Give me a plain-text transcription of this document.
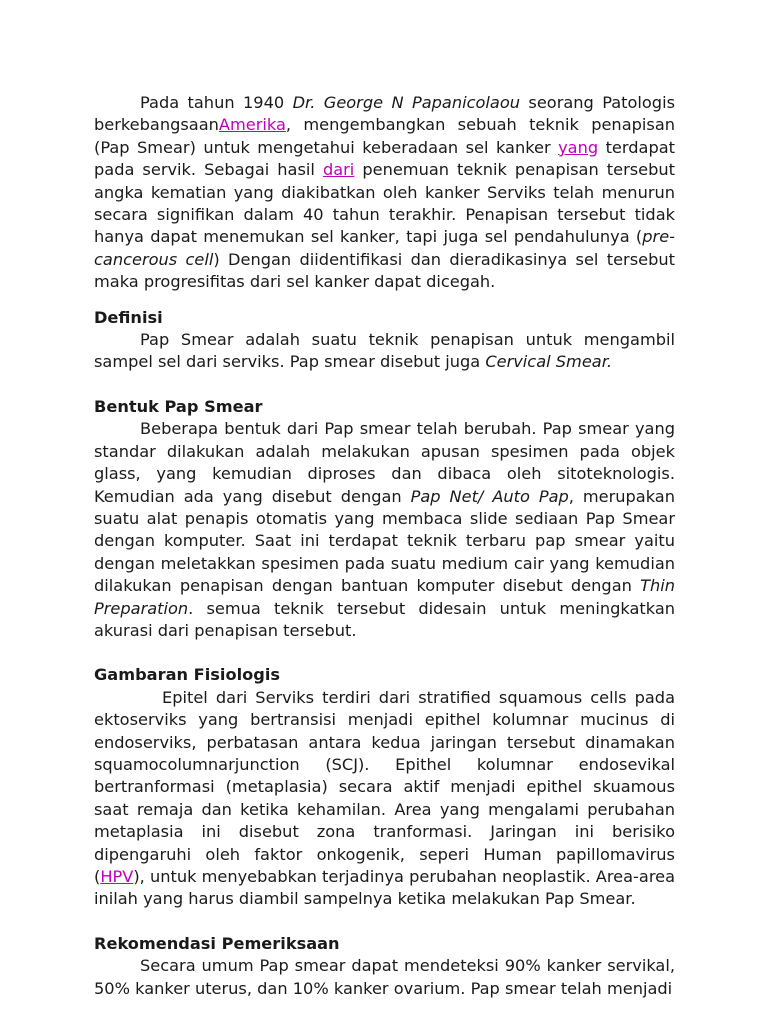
Pada tahun 1940 Dr. George N Papanicolaou seorang Patologis berkebangsaanAmerika, mengembangkan sebuah teknik penapisan (Pap Smear) untuk mengetahui keberadaan sel kanker yang terdapat pada servik. Sebagai hasil dari penemuan teknik penapisan tersebut angka kematian yang diakibatkan oleh kanker Serviks telah menurun secara signifikan dalam 40 tahun terakhir. Penapisan tersebut tidak hanya dapat menemukan sel kanker, tapi juga sel pendahulunya (pre-cancerous cell) Dengan diidentifikasi dan dieradikasinya sel tersebut maka progresifitas dari sel kanker dapat dicegah.

Definisi

Pap Smear adalah suatu teknik penapisan untuk mengambil sampel sel dari serviks. Pap smear disebut juga Cervical Smear.

Bentuk Pap Smear

Beberapa bentuk dari Pap smear telah berubah. Pap smear yang standar dilakukan adalah melakukan apusan spesimen pada objek glass, yang kemudian diproses dan dibaca oleh sitoteknologis. Kemudian ada yang disebut dengan Pap Net/ Auto Pap, merupakan suatu alat penapis otomatis yang membaca slide sediaan Pap Smear dengan komputer. Saat ini terdapat teknik terbaru pap smear yaitu dengan meletakkan spesimen pada suatu medium cair yang kemudian dilakukan penapisan dengan bantuan komputer disebut dengan Thin Preparation. semua teknik tersebut didesain untuk meningkatkan akurasi dari penapisan tersebut.

Gambaran Fisiologis

Epitel dari Serviks terdiri dari stratified squamous cells pada ektoserviks yang bertransisi menjadi epithel kolumnar mucinus di endoserviks, perbatasan antara kedua jaringan tersebut dinamakan squamocolumnarjunction (SCJ). Epithel kolumnar endosevikal bertranformasi (metaplasia) secara aktif menjadi epithel skuamous saat remaja dan ketika kehamilan. Area yang mengalami perubahan metaplasia ini disebut zona tranformasi. Jaringan ini berisiko dipengaruhi oleh faktor onkogenik, seperi Human papillomavirus (HPV), untuk menyebabkan terjadinya perubahan neoplastik. Area-area inilah yang harus diambil sampelnya ketika melakukan Pap Smear.

Rekomendasi Pemeriksaan

Secara umum Pap smear dapat mendeteksi 90% kanker servikal, 50% kanker uterus, dan 10% kanker ovarium. Pap smear telah menjadi
